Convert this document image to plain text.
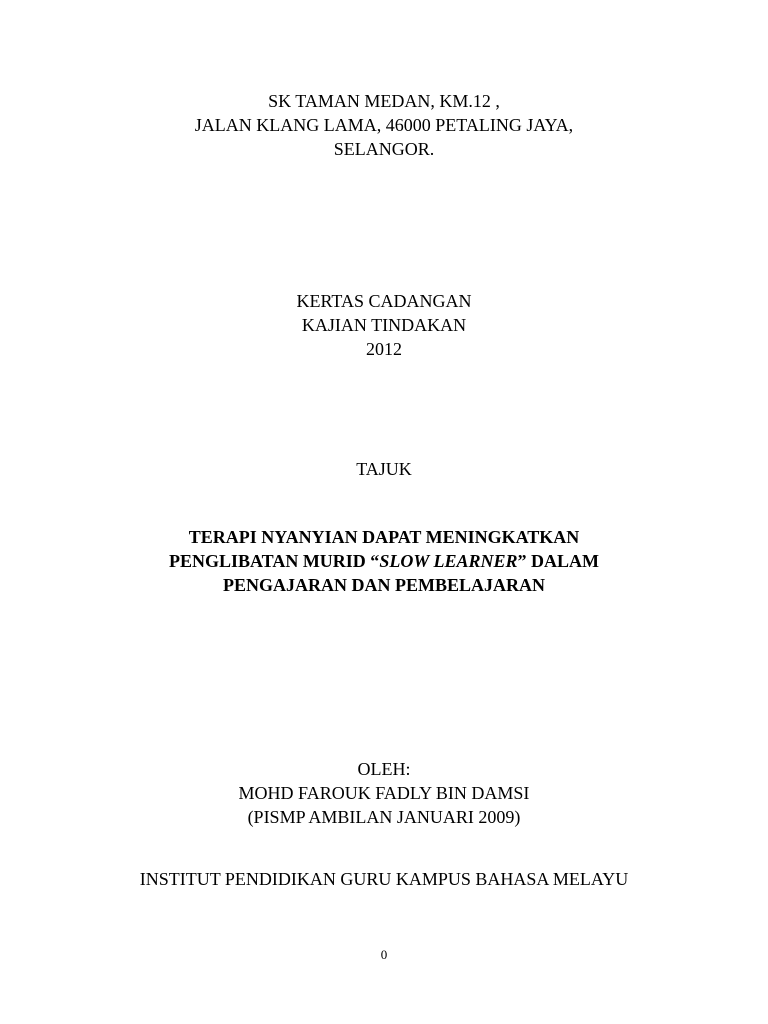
SK TAMAN MEDAN, KM.12 ,
JALAN KLANG LAMA, 46000 PETALING JAYA,
SELANGOR.
KERTAS CADANGAN
KAJIAN TINDAKAN
2012
TAJUK
TERAPI NYANYIAN DAPAT MENINGKATKAN
PENGLIBATAN MURID “SLOW LEARNER” DALAM
PENGAJARAN DAN PEMBELAJARAN
OLEH:
MOHD FAROUK FADLY BIN DAMSI
(PISMP AMBILAN JANUARI 2009)
INSTITUT PENDIDIKAN GURU KAMPUS BAHASA MELAYU
0
